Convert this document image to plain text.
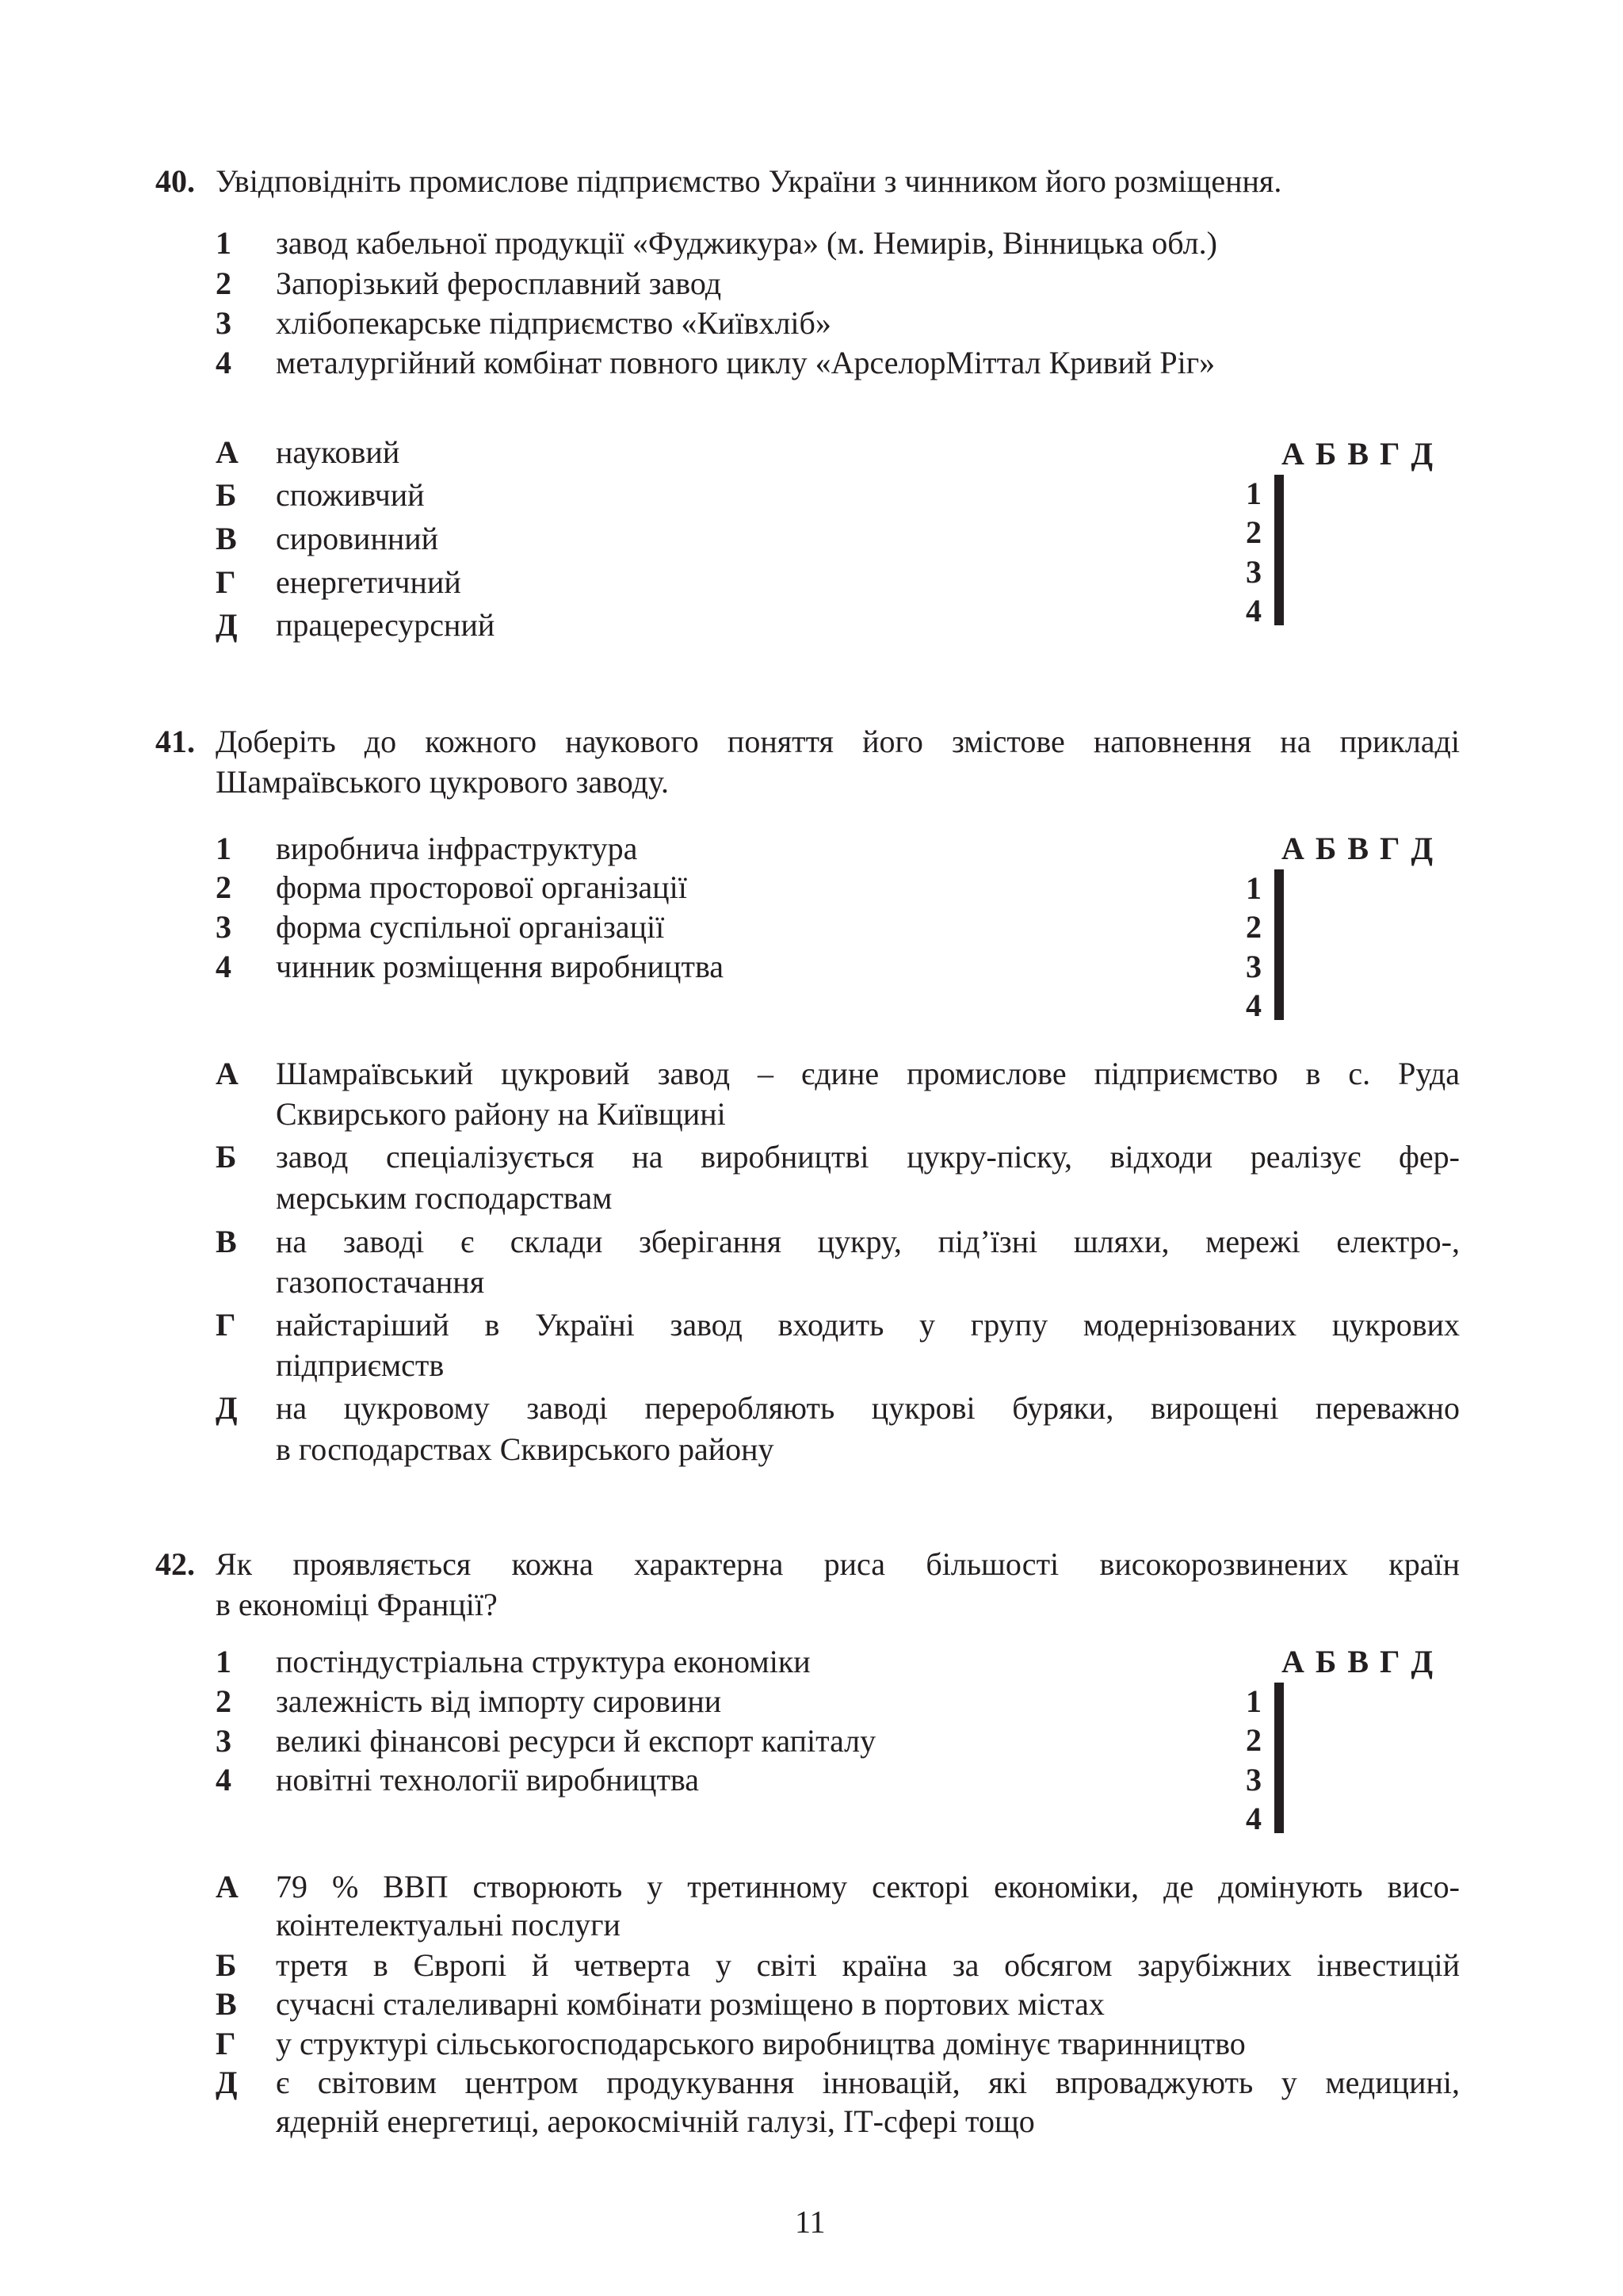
40. Увідповідніть промислове підприємство України з чинником його розміщення.
1 завод кабельної продукції «Фуджикура» (м. Немирів, Вінницька обл.)
2 Запорізький феросплавний завод
3 хлібопекарське підприємство «Київхліб»
4 металургійний комбінат повного циклу «АрселорМіттал Кривий Ріг»
А науковий
Б споживчий
В сировинний
Г енергетичний
Д працересурсний
А Б В Г Д
1
2
3
4

41. Доберіть до кожного наукового поняття його змістове наповнення на прикладі
Шамраївського цукрового заводу.
1 виробнича інфраструктура
2 форма просторової організації
3 форма суспільної організації
4 чинник розміщення виробництва
А Б В Г Д
1
2
3
4

А Шамраївський цукровий завод – єдине промислове підприємство в с. Руда
Сквирського району на Київщині
Б завод спеціалізується на виробництві цукру-піску, відходи реалізує фер-
мерським господарствам
В на заводі є склади зберігання цукру, під’їзні шляхи, мережі електро-,
газопостачання
Г найстаріший в Україні завод входить у групу модернізованих цукрових
підприємств
Д на цукровому заводі переробляють цукрові буряки, вирощені переважно
в господарствах Сквирського району
42. Як проявляється кожна характерна риса більшості високорозвинених країн
в економіці Франції?
1 постіндустріальна структура економіки
2 залежність від імпорту сировини
3 великі фінансові ресурси й експорт капіталу
4 новітні технології виробництва
А Б В Г Д
1
2
3
4

А 79 % ВВП створюють у третинному секторі економіки, де домінують висо-
коінтелектуальні послуги
Б третя в Європі й четверта у світі країна за обсягом зарубіжних інвестицій
В сучасні сталеливарні комбінати розміщено в портових містах
Г у структурі сільськогосподарського виробництва домінує тваринництво
Д є світовим центром продукування інновацій, які впроваджують у медицині,
ядерній енергетиці, аерокосмічній галузі, ІТ-сфері тощо
11
